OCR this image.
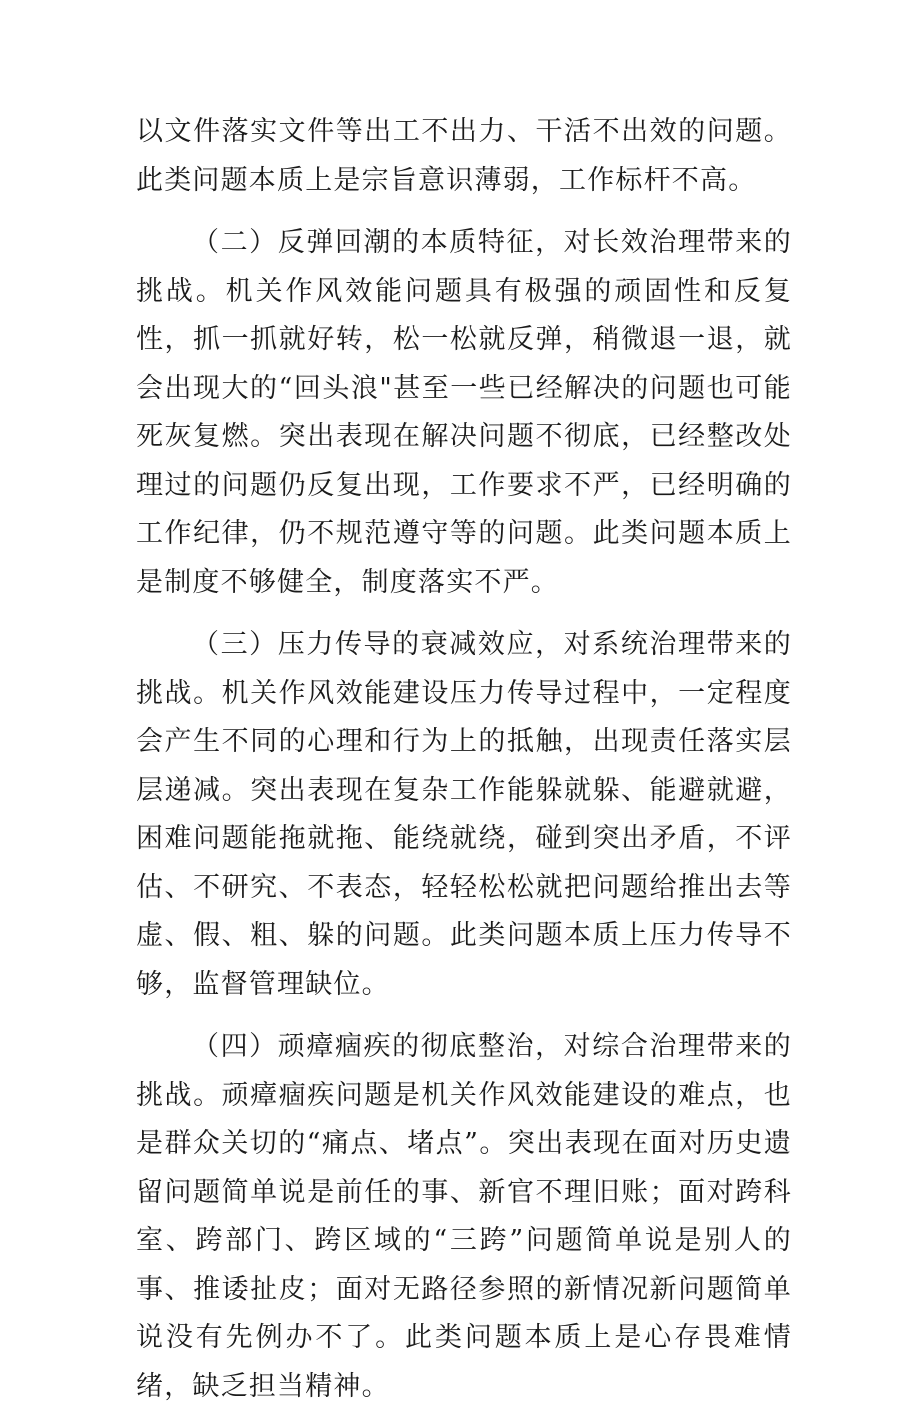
以文件落实文件等出工不出力、干活不出效的问题。此类问题本质上是宗旨意识薄弱，工作标杆不高。

（二）反弹回潮的本质特征，对长效治理带来的挑战。机关作风效能问题具有极强的顽固性和反复性，抓一抓就好转，松一松就反弹，稍微退一退，就会出现大的“回头浪"甚至一些已经解决的问题也可能死灰复燃。突出表现在解决问题不彻底，已经整改处理过的问题仍反复出现，工作要求不严，已经明确的工作纪律，仍不规范遵守等的问题。此类问题本质上是制度不够健全，制度落实不严。

（三）压力传导的衰减效应，对系统治理带来的挑战。机关作风效能建设压力传导过程中，一定程度会产生不同的心理和行为上的抵触，出现责任落实层层递减。突出表现在复杂工作能躲就躲、能避就避，困难问题能拖就拖、能绕就绕，碰到突出矛盾，不评估、不研究、不表态，轻轻松松就把问题给推出去等虚、假、粗、躲的问题。此类问题本质上压力传导不够，监督管理缺位。

（四）顽瘴痼疾的彻底整治，对综合治理带来的挑战。顽瘴痼疾问题是机关作风效能建设的难点，也是群众关切的“痛点、堵点”。突出表现在面对历史遗留问题简单说是前任的事、新官不理旧账；面对跨科室、跨部门、跨区域的“三跨”问题简单说是别人的事、推诿扯皮；面对无路径参照的新情况新问题简单说没有先例办不了。此类问题本质上是心存畏难情绪，缺乏担当精神。
